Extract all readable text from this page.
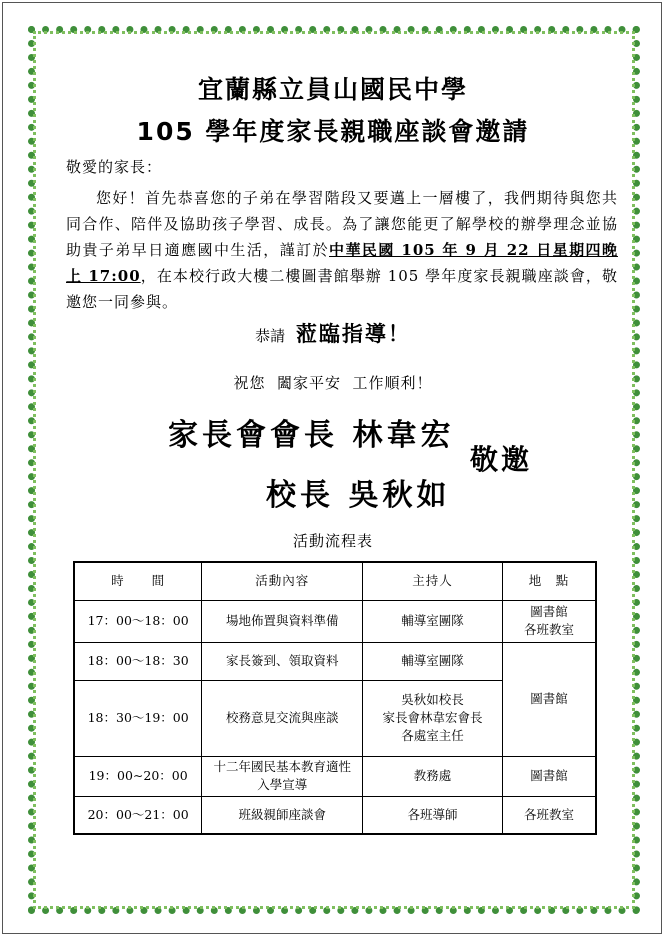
宜蘭縣立員山國民中學
105 學年度家長親職座談會邀請
敬愛的家長：

您好！首先恭喜您的子弟在學習階段又要邁上一層樓了，我們期待與您共同合作、陪伴及協助孩子學習、成長。為了讓您能更了解學校的辦學理念並協助貴子弟早日適應國中生活，謹訂於中華民國 105 年 9 月 22 日星期四晚上 17:00，在本校行政大樓二樓圖書館舉辦 105 學年度家長親職座談會，敬邀您一同參與。

恭請 蒞臨指導！
祝您  闔家平安  工作順利！
家長會會長 林韋宏
校長 吳秋如
敬邀
活動流程表
時　　間	活動內容	主持人	地　點
17：00～18：00	場地佈置與資料準備	輔導室團隊	圖書館
各班教室
18：00～18：30	家長簽到、領取資料	輔導室團隊	圖書館
18：30～19：00	校務意見交流與座談	吳秋如校長
家長會林韋宏會長
各處室主任	
19：00∼20：00	十二年國民基本教育適性
入學宣導	教務處	圖書館
20：00～21：00	班級親師座談會	各班導師	各班教室
